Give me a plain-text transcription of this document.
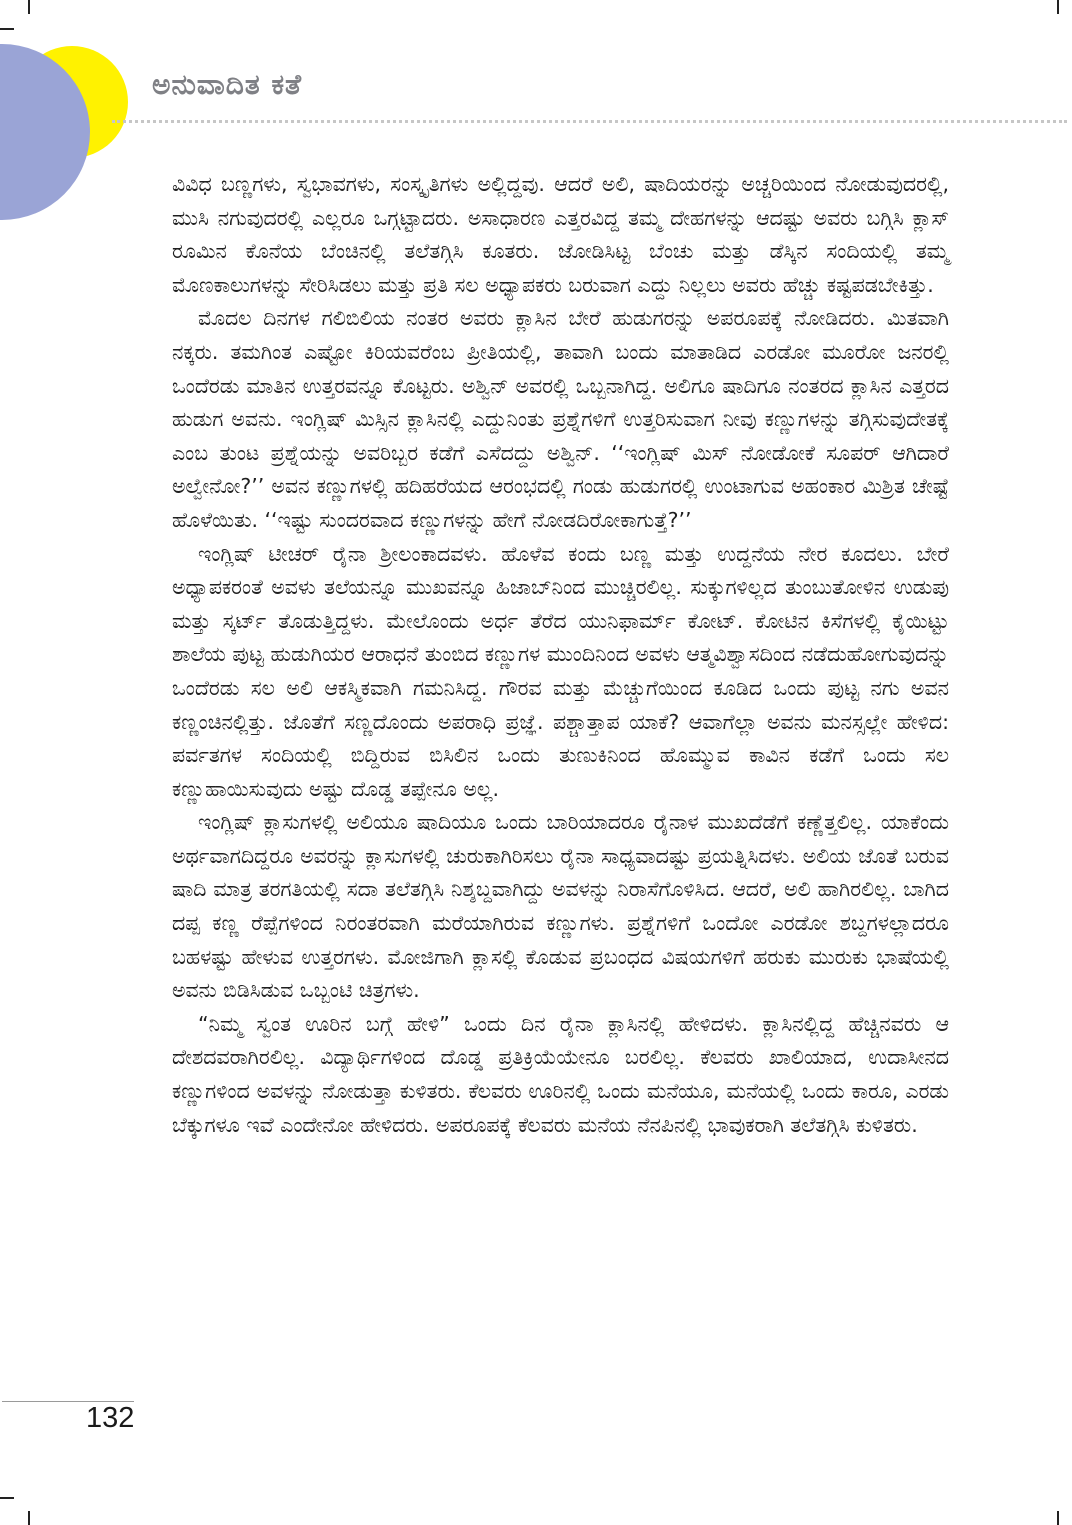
ಅನುವಾದಿತ ಕತೆ

ವಿವಿಧ ಬಣ್ಣಗಳು, ಸ್ವಭಾವಗಳು, ಸಂಸ್ಕೃತಿಗಳು ಅಲ್ಲಿದ್ದವು. ಆದರೆ ಅಲಿ, ಷಾದಿಯರನ್ನು ಅಚ್ಚರಿಯಿಂದ ನೋಡುವುದರಲ್ಲಿ, ಮುಸಿ ನಗುವುದರಲ್ಲಿ ಎಲ್ಲರೂ ಒಗ್ಗಟ್ಟಾದರು. ಅಸಾಧಾರಣ ಎತ್ತರವಿದ್ದ ತಮ್ಮ ದೇಹಗಳನ್ನು ಆದಷ್ಟು ಅವರು ಬಗ್ಗಿಸಿ ಕ್ಲಾಸ್ ರೂಮಿನ ಕೊನೆಯ ಬೆಂಚಿನಲ್ಲಿ ತಲೆತಗ್ಗಿಸಿ ಕೂತರು. ಜೋಡಿಸಿಟ್ಟ ಬೆಂಚು ಮತ್ತು ಡೆಸ್ಕಿನ ಸಂದಿಯಲ್ಲಿ ತಮ್ಮ ಮೊಣಕಾಲುಗಳನ್ನು ಸೇರಿಸಿಡಲು ಮತ್ತು ಪ್ರತಿ ಸಲ ಅಧ್ಯಾಪಕರು ಬರುವಾಗ ಎದ್ದು ನಿಲ್ಲಲು ಅವರು ಹೆಚ್ಚು ಕಷ್ಟಪಡಬೇಕಿತ್ತು.

ಮೊದಲ ದಿನಗಳ ಗಲಿಬಿಲಿಯ ನಂತರ ಅವರು ಕ್ಲಾಸಿನ ಬೇರೆ ಹುಡುಗರನ್ನು ಅಪರೂಪಕ್ಕೆ ನೋಡಿದರು. ಮಿತವಾಗಿ ನಕ್ಕರು. ತಮಗಿಂತ ಎಷ್ಟೋ ಕಿರಿಯವರೆಂಬ ಪ್ರೀತಿಯಲ್ಲಿ, ತಾವಾಗಿ ಬಂದು ಮಾತಾಡಿದ ಎರಡೋ ಮೂರೋ ಜನರಲ್ಲಿ ಒಂದೆರಡು ಮಾತಿನ ಉತ್ತರವನ್ನೂ ಕೊಟ್ಟರು. ಅಶ್ವಿನ್ ಅವರಲ್ಲಿ ಒಬ್ಬನಾಗಿದ್ದ. ಅಲಿಗೂ ಷಾದಿಗೂ ನಂತರದ ಕ್ಲಾಸಿನ ಎತ್ತರದ ಹುಡುಗ ಅವನು. ಇಂಗ್ಲಿಷ್ ಮಿಸ್ಸಿನ ಕ್ಲಾಸಿನಲ್ಲಿ ಎದ್ದುನಿಂತು ಪ್ರಶ್ನೆಗಳಿಗೆ ಉತ್ತರಿಸುವಾಗ ನೀವು ಕಣ್ಣುಗಳನ್ನು ತಗ್ಗಿಸುವುದೇತಕ್ಕೆ ಎಂಬ ತುಂಟ ಪ್ರಶ್ನೆಯನ್ನು ಅವರಿಬ್ಬರ ಕಡೆಗೆ ಎಸೆದದ್ದು ಅಶ್ವಿನ್. ‘‘ಇಂಗ್ಲಿಷ್ ಮಿಸ್ ನೋಡೋಕೆ ಸೂಪರ್ ಆಗಿದಾರೆ ಅಲ್ವೇನೋ?’’ ಅವನ ಕಣ್ಣುಗಳಲ್ಲಿ ಹದಿಹರೆಯದ ಆರಂಭದಲ್ಲಿ ಗಂಡು ಹುಡುಗರಲ್ಲಿ ಉಂಟಾಗುವ ಅಹಂಕಾರ ಮಿಶ್ರಿತ ಚೇಷ್ಟೆ ಹೊಳೆಯಿತು. ‘‘ಇಷ್ಟು ಸುಂದರವಾದ ಕಣ್ಣುಗಳನ್ನು ಹೇಗೆ ನೋಡದಿರೋಕಾಗುತ್ತೆ?’’

ಇಂಗ್ಲಿಷ್ ಟೀಚರ್ ರೈನಾ ಶ್ರೀಲಂಕಾದವಳು. ಹೊಳೆವ ಕಂದು ಬಣ್ಣ ಮತ್ತು ಉದ್ದನೆಯ ನೇರ ಕೂದಲು. ಬೇರೆ ಅಧ್ಯಾಪಕರಂತೆ ಅವಳು ತಲೆಯನ್ನೂ ಮುಖವನ್ನೂ ಹಿಜಾಬ್‌ನಿಂದ ಮುಚ್ಚಿರಲಿಲ್ಲ. ಸುಕ್ಕುಗಳಿಲ್ಲದ ತುಂಬುತೋಳಿನ ಉಡುಪು ಮತ್ತು ಸ್ಕರ್ಟ್ ತೊಡುತ್ತಿದ್ದಳು. ಮೇಲೊಂದು ಅರ್ಧ ತೆರೆದ ಯುನಿಫಾರ್ಮ್ ಕೋಟ್. ಕೋಟಿನ ಕಿಸೆಗಳಲ್ಲಿ ಕೈಯಿಟ್ಟು ಶಾಲೆಯ ಪುಟ್ಟ ಹುಡುಗಿಯರ ಆರಾಧನೆ ತುಂಬಿದ ಕಣ್ಣುಗಳ ಮುಂದಿನಿಂದ ಅವಳು ಆತ್ಮವಿಶ್ವಾಸದಿಂದ ನಡೆದುಹೋಗುವುದನ್ನು ಒಂದೆರಡು ಸಲ ಅಲಿ ಆಕಸ್ಮಿಕವಾಗಿ ಗಮನಿಸಿದ್ದ. ಗೌರವ ಮತ್ತು ಮೆಚ್ಚುಗೆಯಿಂದ ಕೂಡಿದ ಒಂದು ಪುಟ್ಟ ನಗು ಅವನ ಕಣ್ಣಂಚಿನಲ್ಲಿತ್ತು. ಜೊತೆಗೆ ಸಣ್ಣದೊಂದು ಅಪರಾಧಿ ಪ್ರಜ್ಞೆ. ಪಶ್ಚಾತ್ತಾಪ ಯಾಕೆ? ಆವಾಗೆಲ್ಲಾ ಅವನು ಮನಸ್ಸಲ್ಲೇ ಹೇಳಿದ: ಪರ್ವತಗಳ ಸಂದಿಯಲ್ಲಿ ಬಿದ್ದಿರುವ ಬಿಸಿಲಿನ ಒಂದು ತುಣುಕಿನಿಂದ ಹೊಮ್ಮುವ ಕಾವಿನ ಕಡೆಗೆ ಒಂದು ಸಲ ಕಣ್ಣುಹಾಯಿಸುವುದು ಅಷ್ಟು ದೊಡ್ಡ ತಪ್ಪೇನೂ ಅಲ್ಲ.

ಇಂಗ್ಲಿಷ್ ಕ್ಲಾಸುಗಳಲ್ಲಿ ಅಲಿಯೂ ಷಾದಿಯೂ ಒಂದು ಬಾರಿಯಾದರೂ ರೈನಾಳ ಮುಖದೆಡೆಗೆ ಕಣ್ಣೆತ್ತಲಿಲ್ಲ. ಯಾಕೆಂದು ಅರ್ಥವಾಗದಿದ್ದರೂ ಅವರನ್ನು ಕ್ಲಾಸುಗಳಲ್ಲಿ ಚುರುಕಾಗಿರಿಸಲು ರೈನಾ ಸಾಧ್ಯವಾದಷ್ಟು ಪ್ರಯತ್ನಿಸಿದಳು. ಅಲಿಯ ಜೊತೆ ಬರುವ ಷಾದಿ ಮಾತ್ರ ತರಗತಿಯಲ್ಲಿ ಸದಾ ತಲೆತಗ್ಗಿಸಿ ನಿಶ್ಶಬ್ದವಾಗಿದ್ದು ಅವಳನ್ನು ನಿರಾಸೆಗೊಳಿಸಿದ. ಆದರೆ, ಅಲಿ ಹಾಗಿರಲಿಲ್ಲ. ಬಾಗಿದ ದಪ್ಪ ಕಣ್ಣ ರೆಪ್ಪೆಗಳಿಂದ ನಿರಂತರವಾಗಿ ಮರೆಯಾಗಿರುವ ಕಣ್ಣುಗಳು. ಪ್ರಶ್ನೆಗಳಿಗೆ ಒಂದೋ ಎರಡೋ ಶಬ್ದಗಳಲ್ಲಾದರೂ ಬಹಳಷ್ಟು ಹೇಳುವ ಉತ್ತರಗಳು. ಮೋಜಿಗಾಗಿ ಕ್ಲಾಸಲ್ಲಿ ಕೊಡುವ ಪ್ರಬಂಧದ ವಿಷಯಗಳಿಗೆ ಹರುಕು ಮುರುಕು ಭಾಷೆಯಲ್ಲಿ ಅವನು ಬಿಡಿಸಿಡುವ ಒಬ್ಬಂಟಿ ಚಿತ್ರಗಳು.

“ನಿಮ್ಮ ಸ್ವಂತ ಊರಿನ ಬಗ್ಗೆ ಹೇಳಿ” ಒಂದು ದಿನ ರೈನಾ ಕ್ಲಾಸಿನಲ್ಲಿ ಹೇಳಿದಳು. ಕ್ಲಾಸಿನಲ್ಲಿದ್ದ ಹೆಚ್ಚಿನವರು ಆ ದೇಶದವರಾಗಿರಲಿಲ್ಲ. ವಿದ್ಯಾರ್ಥಿಗಳಿಂದ ದೊಡ್ಡ ಪ್ರತಿಕ್ರಿಯೆಯೇನೂ ಬರಲಿಲ್ಲ. ಕೆಲವರು ಖಾಲಿಯಾದ, ಉದಾಸೀನದ ಕಣ್ಣುಗಳಿಂದ ಅವಳನ್ನು ನೋಡುತ್ತಾ ಕುಳಿತರು. ಕೆಲವರು ಊರಿನಲ್ಲಿ ಒಂದು ಮನೆಯೂ, ಮನೆಯಲ್ಲಿ ಒಂದು ಕಾರೂ, ಎರಡು ಬೆಕ್ಕುಗಳೂ ಇವೆ ಎಂದೇನೋ ಹೇಳಿದರು. ಅಪರೂಪಕ್ಕೆ ಕೆಲವರು ಮನೆಯ ನೆನಪಿನಲ್ಲಿ ಭಾವುಕರಾಗಿ ತಲೆತಗ್ಗಿಸಿ ಕುಳಿತರು.

132
